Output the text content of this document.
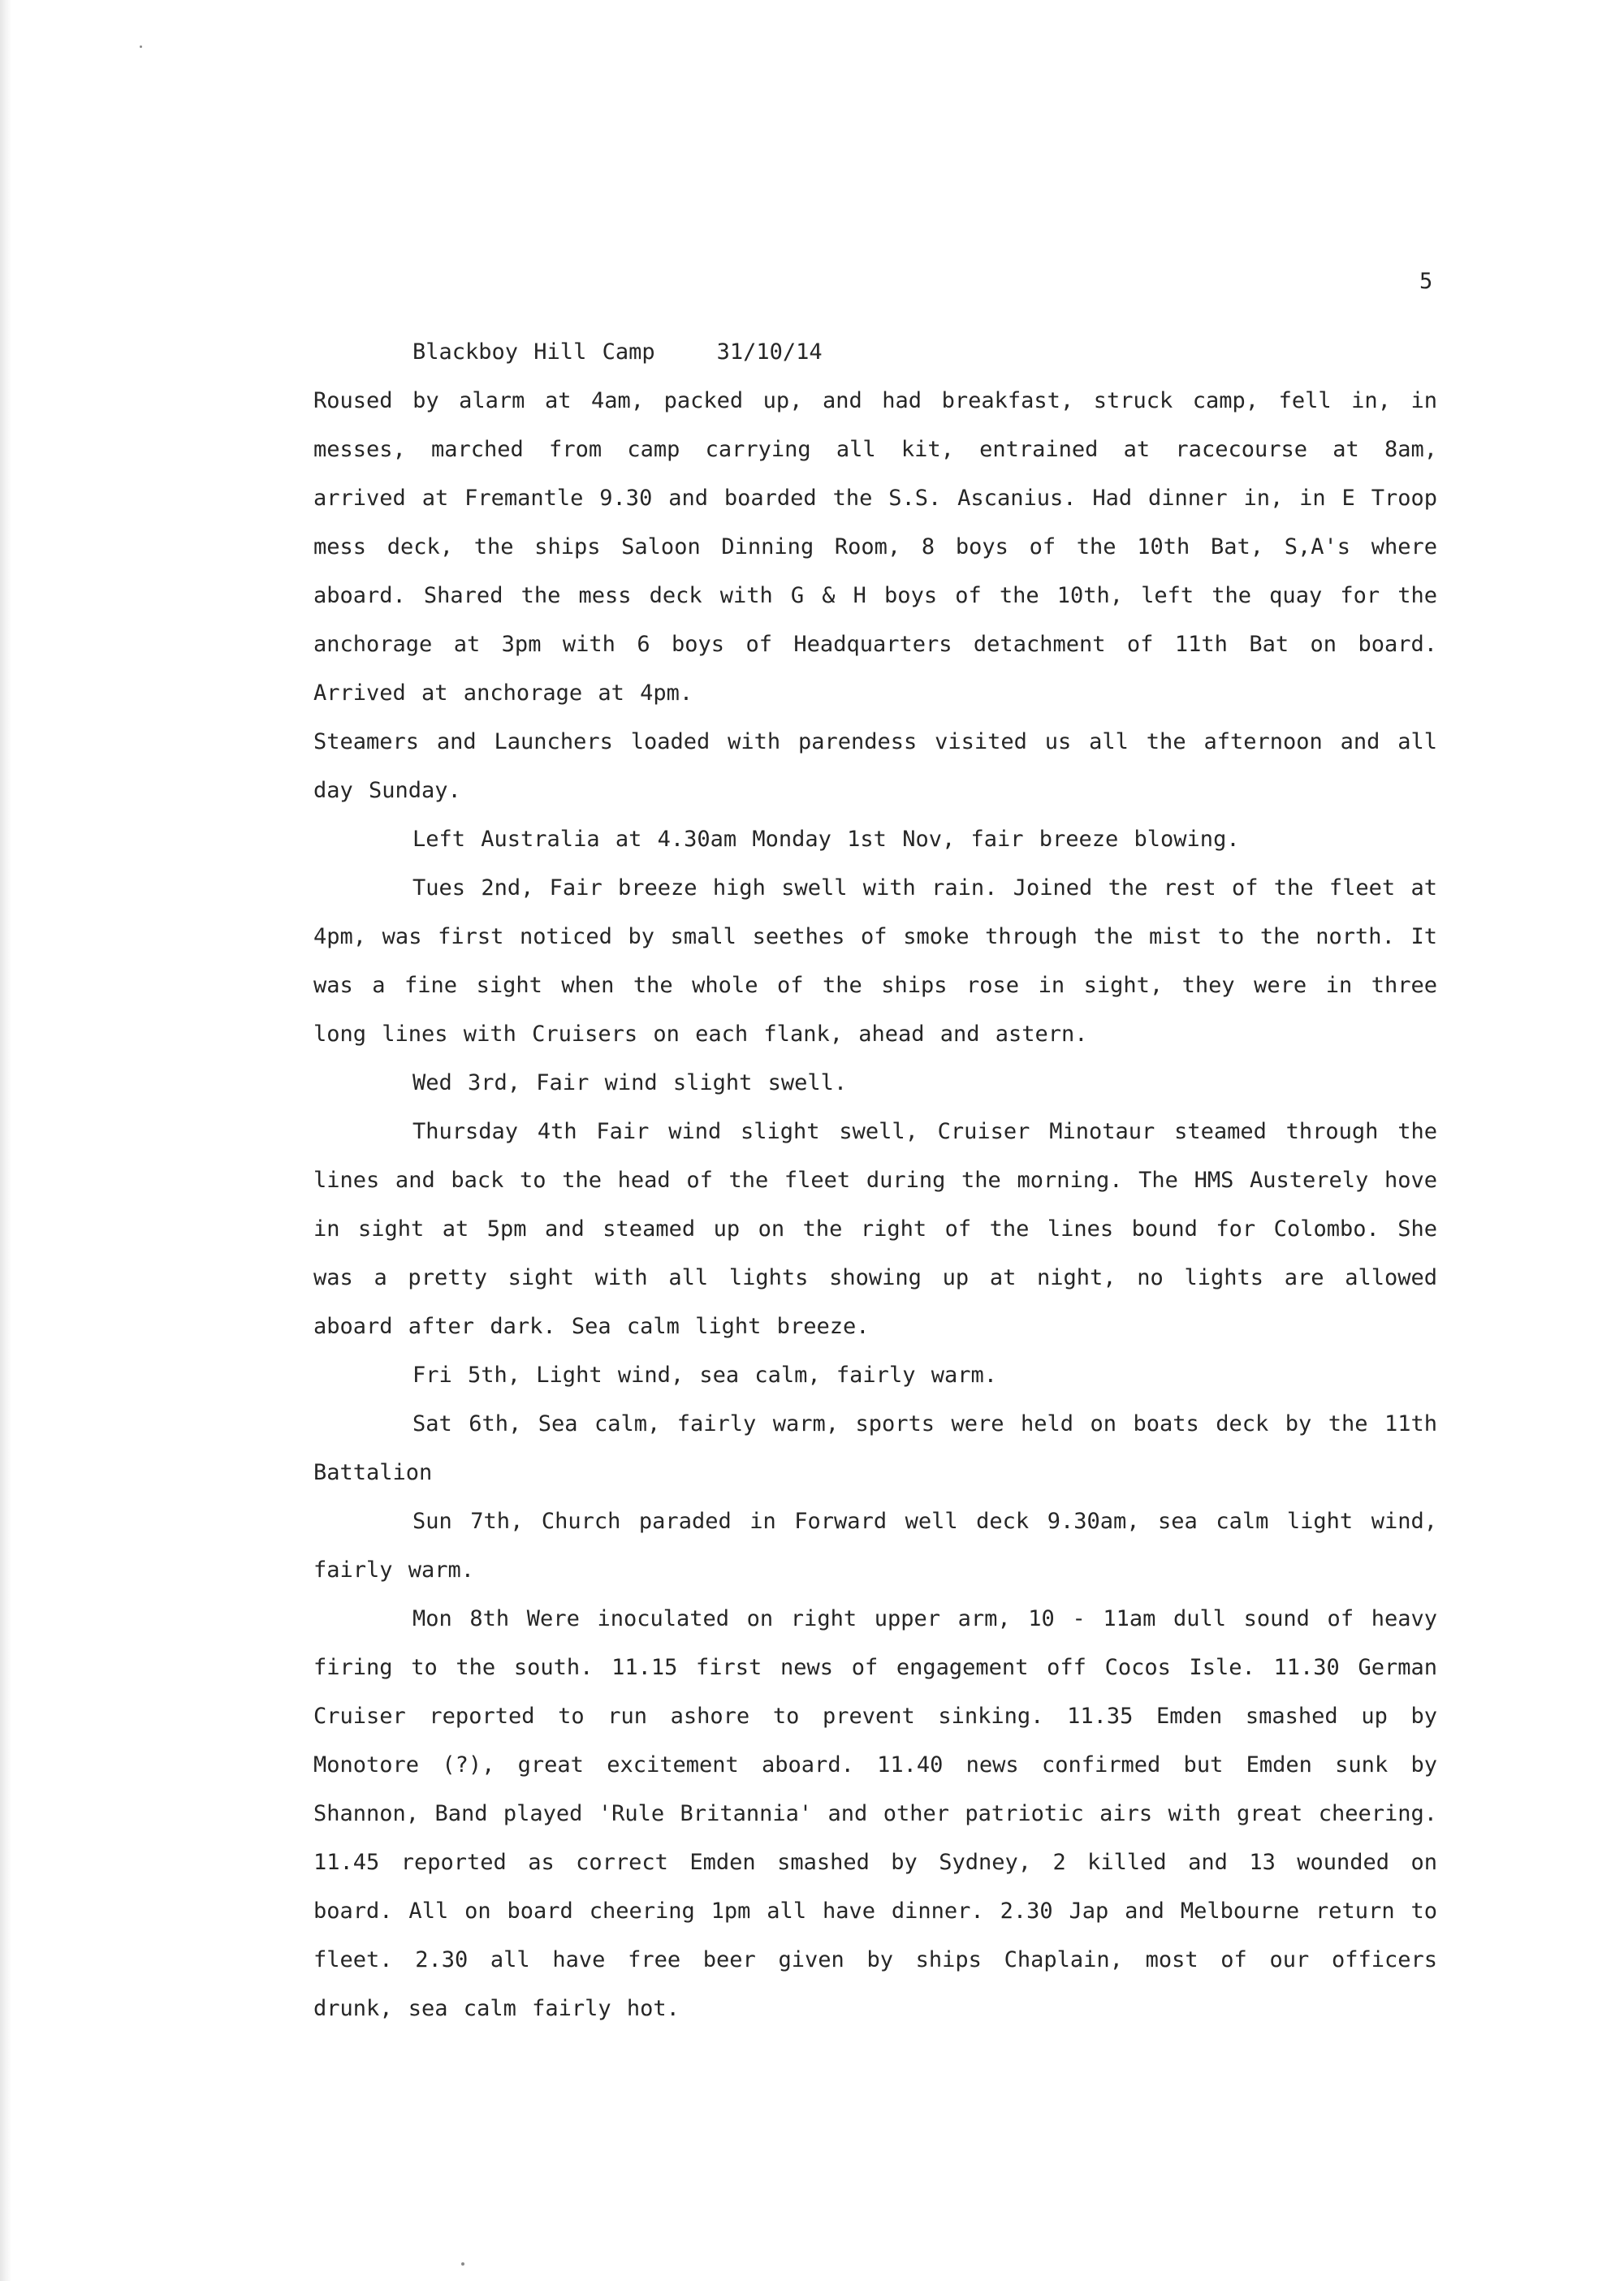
5
Blackboy Hill Camp	31/10/14

Roused by alarm at 4am, packed up, and had breakfast, struck camp, fell in, in messes, marched from camp carrying all kit, entrained at racecourse at 8am, arrived at Fremantle 9.30 and boarded the S.S. Ascanius. Had dinner in, in E Troop mess deck, the ships Saloon Dinning Room, 8 boys of the 10th Bat, S,A's where aboard. Shared the mess deck with G & H boys of the 10th, left the quay for the anchorage at 3pm with 6 boys of Headquarters detachment of 11th Bat on board. Arrived at anchorage at 4pm.

Steamers and Launchers loaded with parendess visited us all the afternoon and all day Sunday.

Left Australia at 4.30am Monday 1st Nov, fair breeze blowing.

Tues 2nd, Fair breeze high swell with rain. Joined the rest of the fleet at 4pm, was first noticed by small seethes of smoke through the mist to the north. It was a fine sight when the whole of the ships rose in sight, they were in three long lines with Cruisers on each flank, ahead and astern.

Wed 3rd, Fair wind slight swell.

Thursday 4th Fair wind slight swell, Cruiser Minotaur steamed through the lines and back to the head of the fleet during the morning. The HMS Austerely hove in sight at 5pm and steamed up on the right of the lines bound for Colombo. She was a pretty sight with all lights showing up at night, no lights are allowed aboard after dark. Sea calm light breeze.

Fri 5th, Light wind, sea calm, fairly warm.

Sat 6th, Sea calm, fairly warm, sports were held on boats deck by the 11th Battalion

Sun 7th, Church paraded in Forward well deck 9.30am, sea calm light wind, fairly warm.

Mon 8th Were inoculated on right upper arm, 10 - 11am dull sound of heavy firing to the south. 11.15 first news of engagement off Cocos Isle. 11.30 German Cruiser reported to run ashore to prevent sinking. 11.35 Emden smashed up by Monotore (?), great excitement aboard. 11.40 news confirmed but Emden sunk by Shannon, Band played 'Rule Britannia' and other patriotic airs with great cheering. 11.45 reported as correct Emden smashed by Sydney, 2 killed and 13 wounded on board. All on board cheering 1pm all have dinner. 2.30 Jap and Melbourne return to fleet. 2.30 all have free beer given by ships Chaplain, most of our officers drunk, sea calm fairly hot.
